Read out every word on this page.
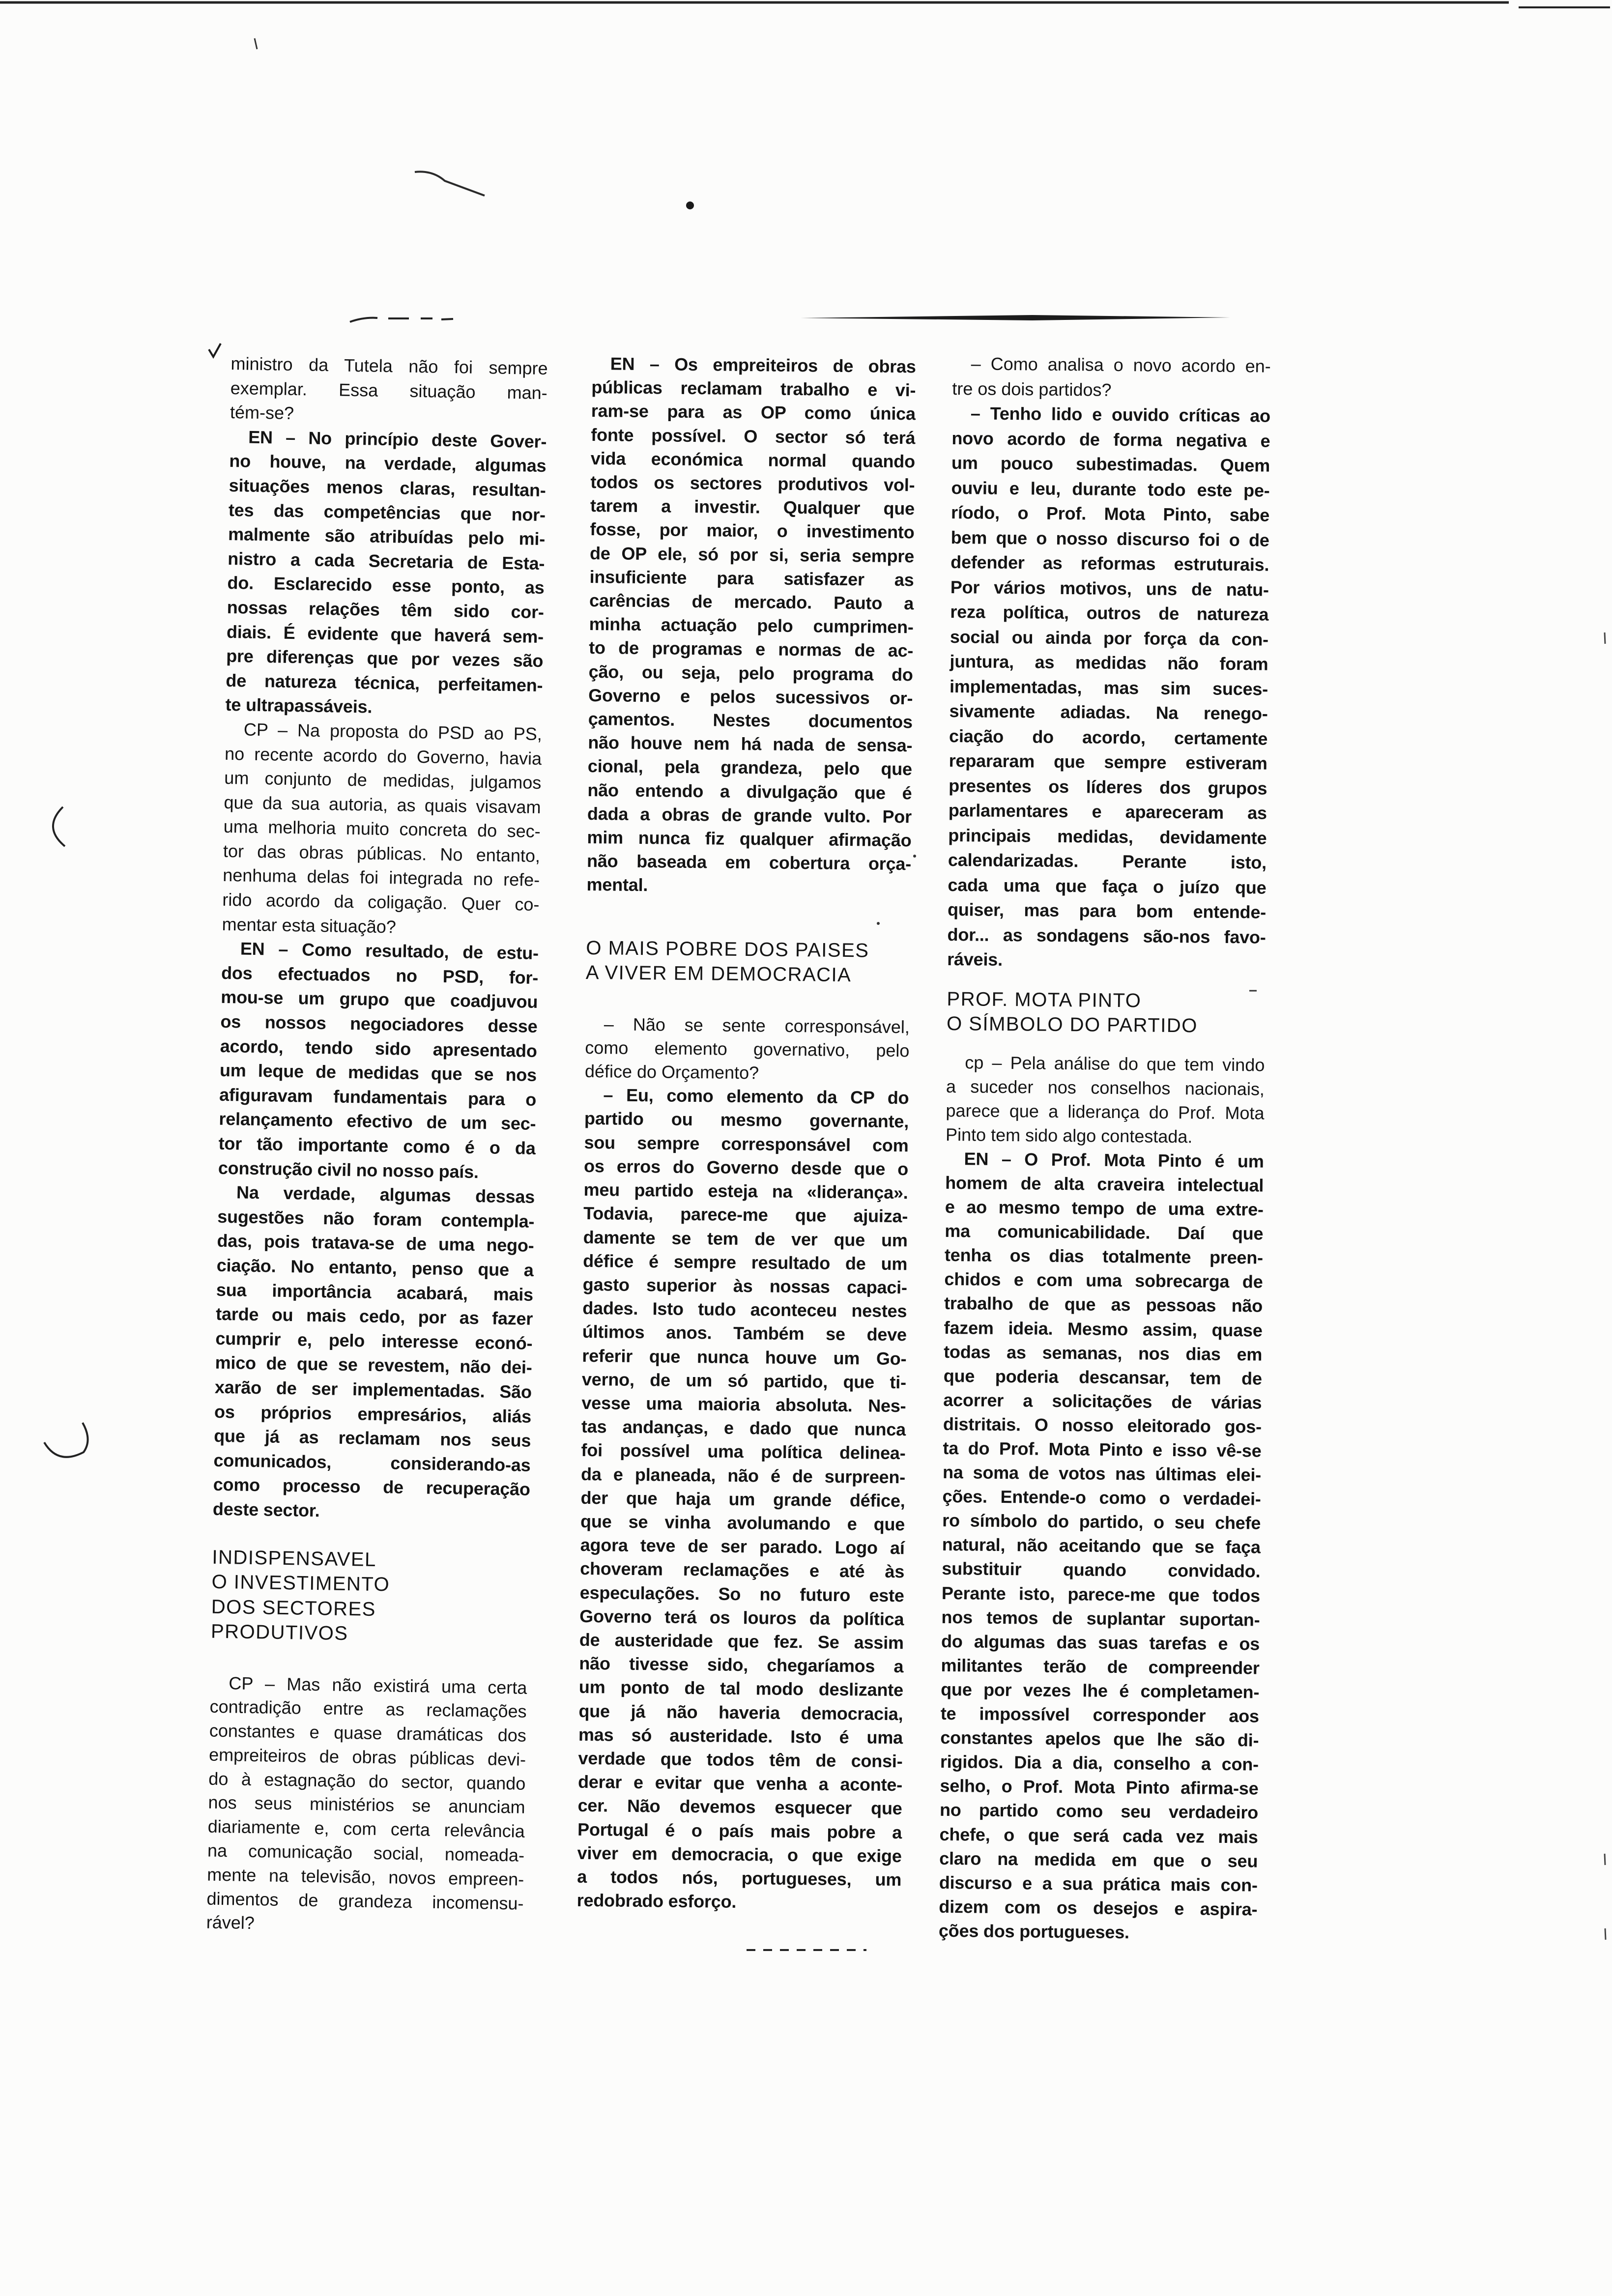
ministro da Tutela não foi sempre
exemplar. Essa situação man-
tém-se?
EN – No princípio deste Gover-
no houve, na verdade, algumas
situações menos claras, resultan-
tes das competências que nor-
malmente são atribuídas pelo mi-
nistro a cada Secretaria de Esta-
do. Esclarecido esse ponto, as
nossas relações têm sido cor-
diais. É evidente que haverá sem-
pre diferenças que por vezes são
de natureza técnica, perfeitamen-
te ultrapassáveis.
CP – Na proposta do PSD ao PS,
no recente acordo do Governo, havia
um conjunto de medidas, julgamos
que da sua autoria, as quais visavam
uma melhoria muito concreta do sec-
tor das obras públicas. No entanto,
nenhuma delas foi integrada no refe-
rido acordo da coligação. Quer co-
mentar esta situação?
EN – Como resultado, de estu-
dos efectuados no PSD, for-
mou-se um grupo que coadjuvou
os nossos negociadores desse
acordo, tendo sido apresentado
um leque de medidas que se nos
afiguravam fundamentais para o
relançamento efectivo de um sec-
tor tão importante como é o da
construção civil no nosso país.
Na verdade, algumas dessas
sugestões não foram contempla-
das, pois tratava-se de uma nego-
ciação. No entanto, penso que a
sua importância acabará, mais
tarde ou mais cedo, por as fazer
cumprir e, pelo interesse econó-
mico de que se revestem, não dei-
xarão de ser implementadas. São
os próprios empresários, aliás
que já as reclamam nos seus
comunicados, considerando-as
como processo de recuperação
deste sector.
INDISPENSAVEL
O INVESTIMENTO
DOS SECTORES
PRODUTIVOS
CP – Mas não existirá uma certa
contradição entre as reclamações
constantes e quase dramáticas dos
empreiteiros de obras públicas devi-
do à estagnação do sector, quando
nos seus ministérios se anunciam
diariamente e, com certa relevância
na comunicação social, nomeada-
mente na televisão, novos empreen-
dimentos de grandeza incomensu-
rável?
EN – Os empreiteiros de obras
públicas reclamam trabalho e vi-
ram-se para as OP como única
fonte possível. O sector só terá
vida económica normal quando
todos os sectores produtivos vol-
tarem a investir. Qualquer que
fosse, por maior, o investimento
de OP ele, só por si, seria sempre
insuficiente para satisfazer as
carências de mercado. Pauto a
minha actuação pelo cumprimen-
to de programas e normas de ac-
ção, ou seja, pelo programa do
Governo e pelos sucessivos or-
çamentos. Nestes documentos
não houve nem há nada de sensa-
cional, pela grandeza, pelo que
não entendo a divulgação que é
dada a obras de grande vulto. Por
mim nunca fiz qualquer afirmação
não baseada em cobertura orça-
mental.
O MAIS POBRE DOS PAISES
A VIVER EM DEMOCRACIA
– Não se sente corresponsável,
como elemento governativo, pelo
défice do Orçamento?
– Eu, como elemento da CP do
partido ou mesmo governante,
sou sempre corresponsável com
os erros do Governo desde que o
meu partido esteja na «liderança».
Todavia, parece-me que ajuiza-
damente se tem de ver que um
défice é sempre resultado de um
gasto superior às nossas capaci-
dades. Isto tudo aconteceu nestes
últimos anos. Também se deve
referir que nunca houve um Go-
verno, de um só partido, que ti-
vesse uma maioria absoluta. Nes-
tas andanças, e dado que nunca
foi possível uma política delinea-
da e planeada, não é de surpreen-
der que haja um grande défice,
que se vinha avolumando e que
agora teve de ser parado. Logo aí
choveram reclamações e até às
especulações. So no futuro este
Governo terá os louros da política
de austeridade que fez. Se assim
não tivesse sido, chegaríamos a
um ponto de tal modo deslizante
que já não haveria democracia,
mas só austeridade. Isto é uma
verdade que todos têm de consi-
derar e evitar que venha a aconte-
cer. Não devemos esquecer que
Portugal é o país mais pobre a
viver em democracia, o que exige
a todos nós, portugueses, um
redobrado esforço.
– Como analisa o novo acordo en-
tre os dois partidos?
– Tenho lido e ouvido críticas ao
novo acordo de forma negativa e
um pouco subestimadas. Quem
ouviu e leu, durante todo este pe-
ríodo, o Prof. Mota Pinto, sabe
bem que o nosso discurso foi o de
defender as reformas estruturais.
Por vários motivos, uns de natu-
reza política, outros de natureza
social ou ainda por força da con-
juntura, as medidas não foram
implementadas, mas sim suces-
sivamente adiadas. Na renego-
ciação do acordo, certamente
repararam que sempre estiveram
presentes os líderes dos grupos
parlamentares e apareceram as
principais medidas, devidamente
calendarizadas. Perante isto,
cada uma que faça o juízo que
quiser, mas para bom entende-
dor... as sondagens são-nos favo-
ráveis.
PROF. MOTA PINTO
O SÍMBOLO DO PARTIDO
cp – Pela análise do que tem vindo
a suceder nos conselhos nacionais,
parece que a liderança do Prof. Mota
Pinto tem sido algo contestada.
EN – O Prof. Mota Pinto é um
homem de alta craveira intelectual
e ao mesmo tempo de uma extre-
ma comunicabilidade. Daí que
tenha os dias totalmente preen-
chidos e com uma sobrecarga de
trabalho de que as pessoas não
fazem ideia. Mesmo assim, quase
todas as semanas, nos dias em
que poderia descansar, tem de
acorrer a solicitações de várias
distritais. O nosso eleitorado gos-
ta do Prof. Mota Pinto e isso vê-se
na soma de votos nas últimas elei-
ções. Entende-o como o verdadei-
ro símbolo do partido, o seu chefe
natural, não aceitando que se faça
substituir quando convidado.
Perante isto, parece-me que todos
nos temos de suplantar suportan-
do algumas das suas tarefas e os
militantes terão de compreender
que por vezes lhe é completamen-
te impossível corresponder aos
constantes apelos que lhe são di-
rigidos. Dia a dia, conselho a con-
selho, o Prof. Mota Pinto afirma-se
no partido como seu verdadeiro
chefe, o que será cada vez mais
claro na medida em que o seu
discurso e a sua prática mais con-
dizem com os desejos e aspira-
ções dos portugueses.
